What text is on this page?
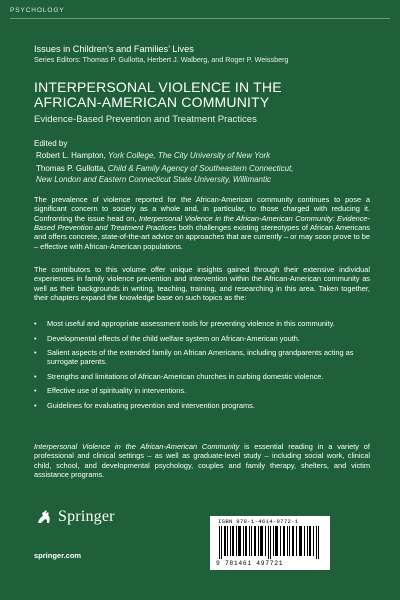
PSYCHOLOGY
Issues in Children’s and Families’ Lives
Series Editors: Thomas P. Gullotta, Herbert J. Walberg, and Roger P. Weissberg
INTERPERSONAL VIOLENCE IN THE
AFRICAN-AMERICAN COMMUNITY
Evidence-Based Prevention and Treatment Practices
Edited by
Robert L. Hampton, York College, The City University of New York
Thomas P. Gullotta, Child & Family Agency of Southeastern Connecticut,
New London and Eastern Connecticut State University, Willimantic
The prevalence of violence reported for the African-American community continues to pose a significant concern to society as a whole and, in particular, to those charged with reducing it. Confronting the issue head on, Interpersonal Violence in the African-American Community: Evidence-Based Prevention and Treatment Practices both challenges existing stereotypes of African Americans and offers concrete, state-of-the-art advice on approaches that are currently – or may soon prove to be – effective with African-American populations.
The contributors to this volume offer unique insights gained through their extensive individual experiences in family violence prevention and intervention within the African-American community as well as their backgrounds in writing, teaching, training, and researching in this area. Taken together, their chapters expand the knowledge base on such topics as the:
• Most useful and appropriate assessment tools for preventing violence in this community.
• Developmental effects of the child welfare system on African-American youth.
• Salient aspects of the extended family on African Americans, including grandparents acting as surrogate parents.
• Strengths and limitations of African-American churches in curbing domestic violence.
• Effective use of spirituality in interventions.
• Guidelines for evaluating prevention and intervention programs.
Interpersonal Violence in the African-American Community is essential reading in a variety of professional and clinical settings – as well as graduate-level study – including social work, clinical child, school, and developmental psychology, couples and family therapy, shelters, and victim assistance programs.
Springer
springer.com
ISBN 978-1-4614-9772-1
9 781461 497721
